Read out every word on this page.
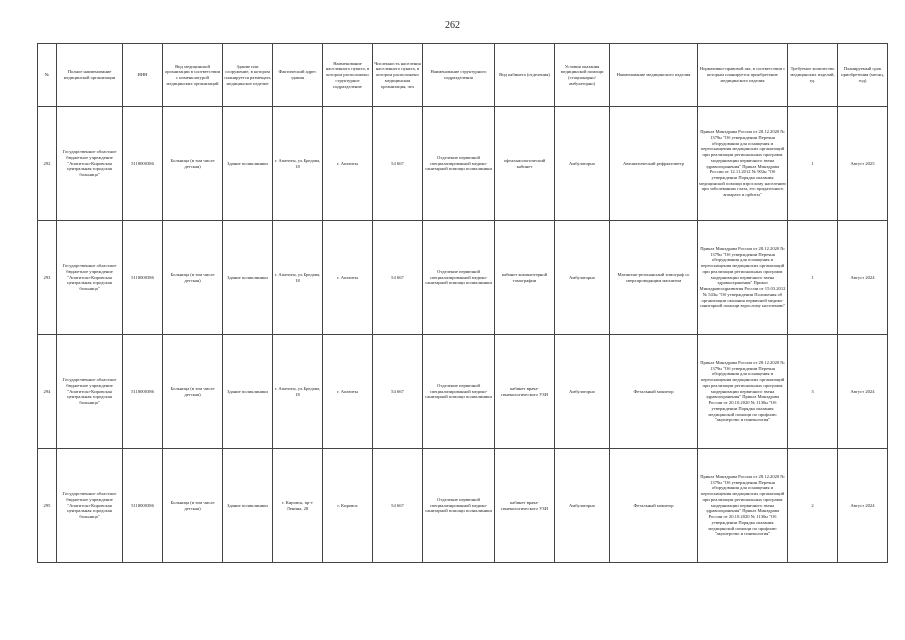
262
№	Полное наименование медицинской организации	ИНН	Вид медицинской организации в соответствии с номенклатурой медицинских организаций	Здание или сооружение, в котором планируется размещать медицинское изделие	Фактический адрес здания	Наименование населенного пункта, в котором расположено структурное подразделение	Численность населения населенного пункта, в котором расположено медицинская организация, чел	Наименование структурного подразделения	Вид кабинета (отделения)	Условия оказания медицинской помощи (стационарно/амбулаторно)	Наименование медицинского изделия	Нормативно-правовой акт, в соответствии с которым планируется приобретение медицинского изделия	Требуемое количество медицинских изделий, ед.	Планируемый срок приобретения (месяц, год)
292	Государственное областное бюджетное учреждение "Апатитско-Кировская центральная городская больница"	5118000386	Больница (в том числе детская)	Здание поликлиники	г. Апатиты, ул.Бредова, 18	г. Апатиты	54 667	Отделение первичной специализированной медико-санитарной помощи поликлиники	офтальмологический кабинет	Амбулаторно	Автоматический рефрактометр	Приказ Минздрава России от 28.12.2020 № 1379н "Об утверждении Перечня оборудования для оснащения и переоснащения медицинских организаций при реализации региональных программ модернизации первичного звена здравоохранения" Приказ Минздрава России от 12.11.2012 № 902н "Об утверждении Порядка оказания медицинской помощи взрослому населению при заболеваниях глаза, его придаточного аппарата и орбиты"	1	Август 2025
293	Государственное областное бюджетное учреждение "Апатитско-Кировская центральная городская больница"	5118000386	Больница (в том числе детская)	Здание поликлиники	г. Апатиты, ул.Бредова, 18	г. Апатиты	54 667	Отделение первичной специализированной медико-санитарной помощи поликлиники	кабинет компьютерной томографии	Амбулаторно	Магнитно-резонансный томограф со сверхпроводящим магнитом	Приказ Минздрава России от 28.12.2020 № 1379н "Об утверждении Перечня оборудования для оснащения и переоснащения медицинских организаций при реализации региональных программ модернизации первичного звена здравоохранения" Приказ Минздравсоцразвития России от 15.03.2012 № 543н "Об утверждении Положения об организации оказания первичной медико-санитарной помощи взрослому населению"	1	Август 2024
294	Государственное областное бюджетное учреждение "Апатитско-Кировская центральная городская больница"	5118000386	Больница (в том числе детская)	Здание поликлиники	г. Апатиты, ул.Бредова, 18	г. Апатиты	54 667	Отделение первичной специализированной медико-санитарной помощи поликлиники	кабинет врача-гинекологического УЗИ	Амбулаторно	Фетальный монитор	Приказ Минздрава России от 28.12.2020 № 1379н "Об утверждении Перечня оборудования для оснащения и переоснащения медицинских организаций при реализации региональных программ модернизации первичного звена здравоохранения" Приказ Минздрава России от 20.10.2020 № 1130н "Об утверждении Порядка оказания медицинской помощи по профилю "акушерство и гинекология"	3	Август 2024
295	Государственное областное бюджетное учреждение "Апатитско-Кировская центральная городская больница"	5118000386	Больница (в том числе детская)	Здание поликлиники	г. Кировск, пр-т Ленина, 28	г. Кировск	54 667	Отделение первичной специализированной медико-санитарной помощи поликлиники	кабинет врача-гинекологического УЗИ	Амбулаторно	Фетальный монитор	Приказ Минздрава России от 28.12.2020 № 1379н "Об утверждении Перечня оборудования для оснащения и переоснащения медицинских организаций при реализации региональных программ модернизации первичного звена здравоохранения" Приказ Минздрава России от 20.10.2020 № 1130н "Об утверждении Порядка оказания медицинской помощи по профилю "акушерство и гинекология"	2	Август 2024
